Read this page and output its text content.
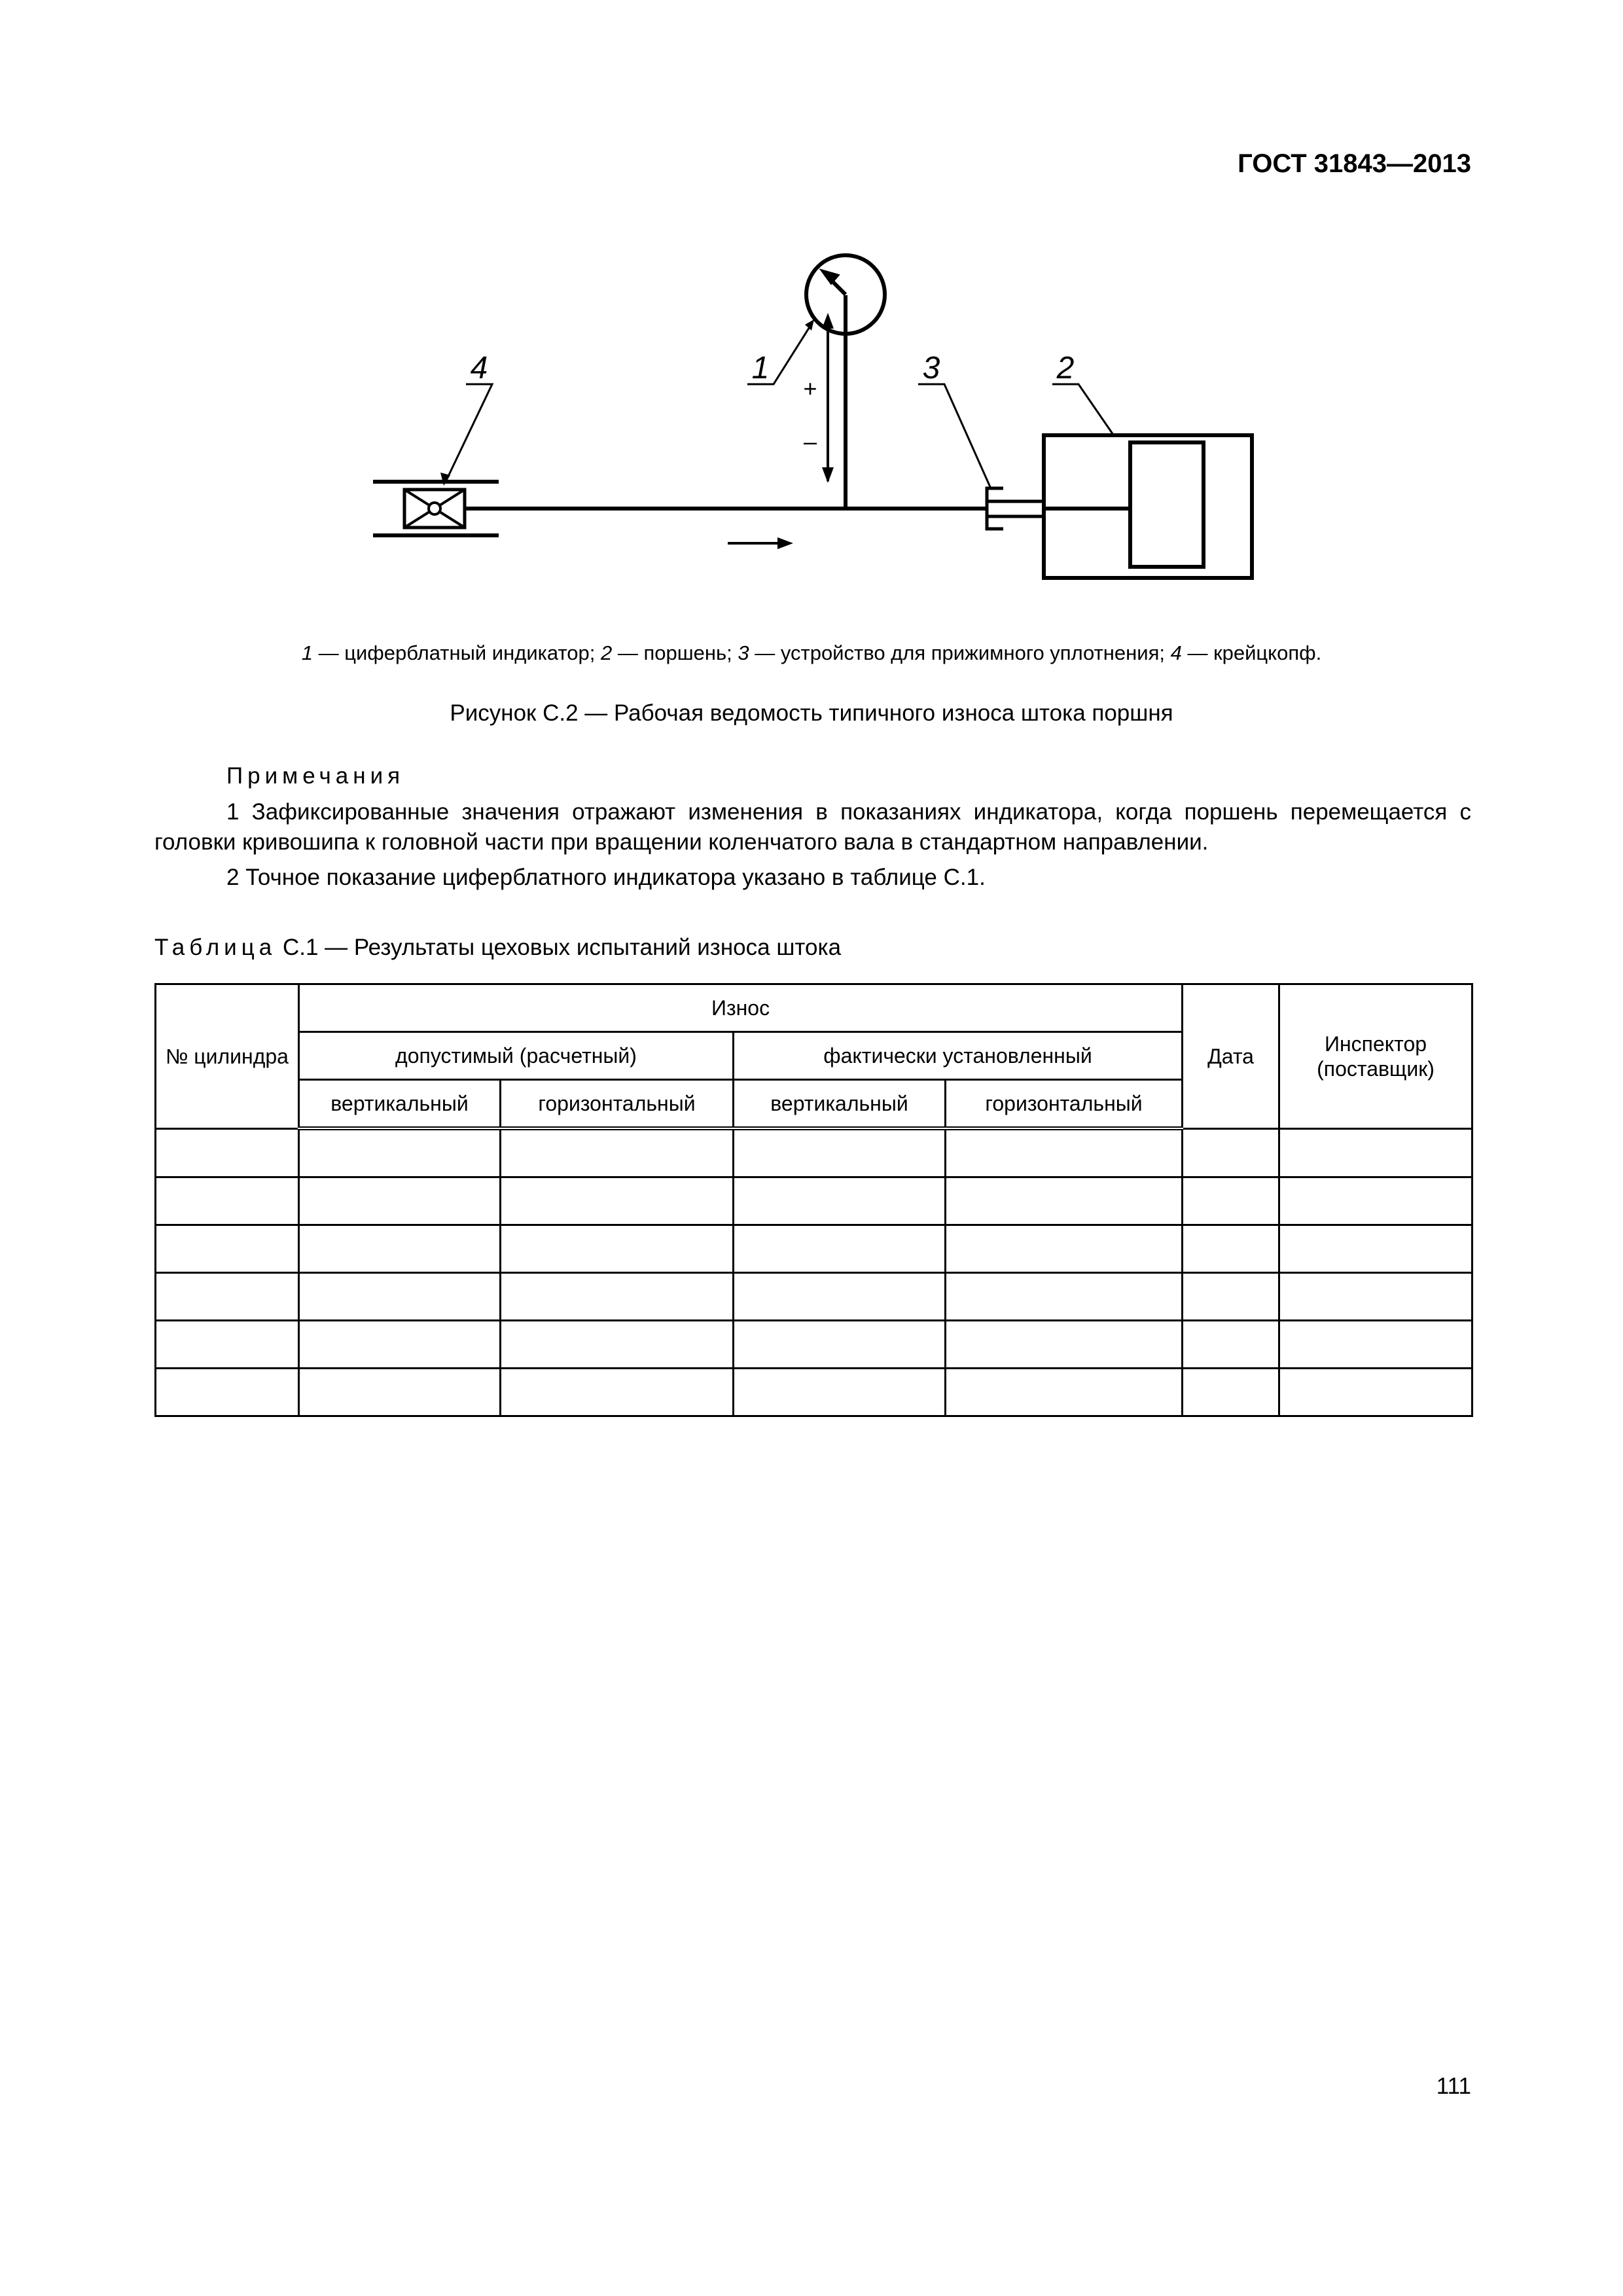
ГОСТ 31843—2013
+
–
4	1	3	2
1 — циферблатный индикатор; 2 — поршень; 3 — устройство для прижимного уплотнения; 4 — крейцкопф.
Рисунок С.2 — Рабочая ведомость типичного износа штока поршня
Примечания

1 Зафиксированные значения отражают изменения в показаниях индикатора, когда поршень перемещается с головки кривошипа к головной части при вращении коленчатого вала в стандартном направлении.

2 Точное показание циферблатного индикатора указано в таблице С.1.

Таблица С.1 — Результаты цеховых испытаний износа штока
№ цилиндра	Износ				Дата	Инспектор (поставщик)
	допустимый (расчетный)		фактически установленный			
	вертикальный	горизонтальный	вертикальный	горизонтальный		

111
